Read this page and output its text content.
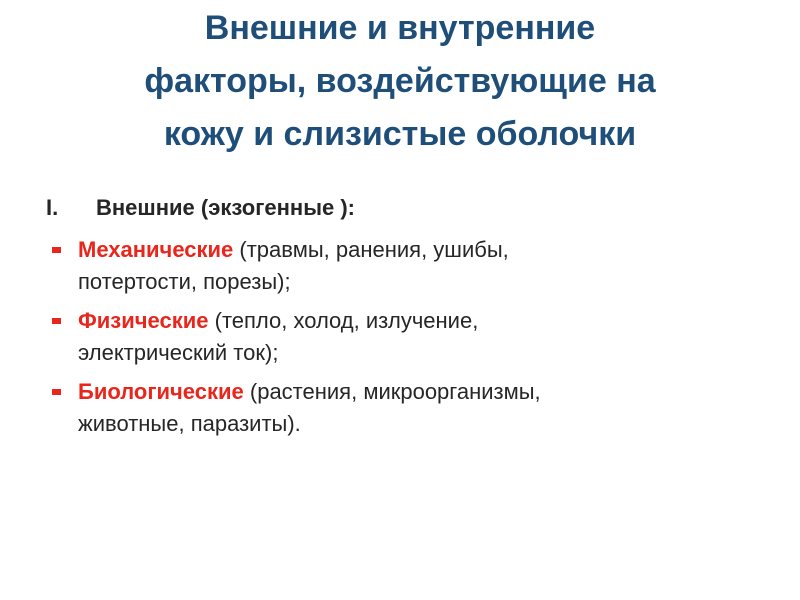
Внешние и внутренние
факторы, воздействующие на
кожу и слизистые оболочки
I. Внешние (экзогенные ):
Механические (травмы, ранения, ушибы,
потертости, порезы);
Физические (тепло, холод, излучение,
электрический ток);
Биологические (растения, микроорганизмы,
животные, паразиты).
